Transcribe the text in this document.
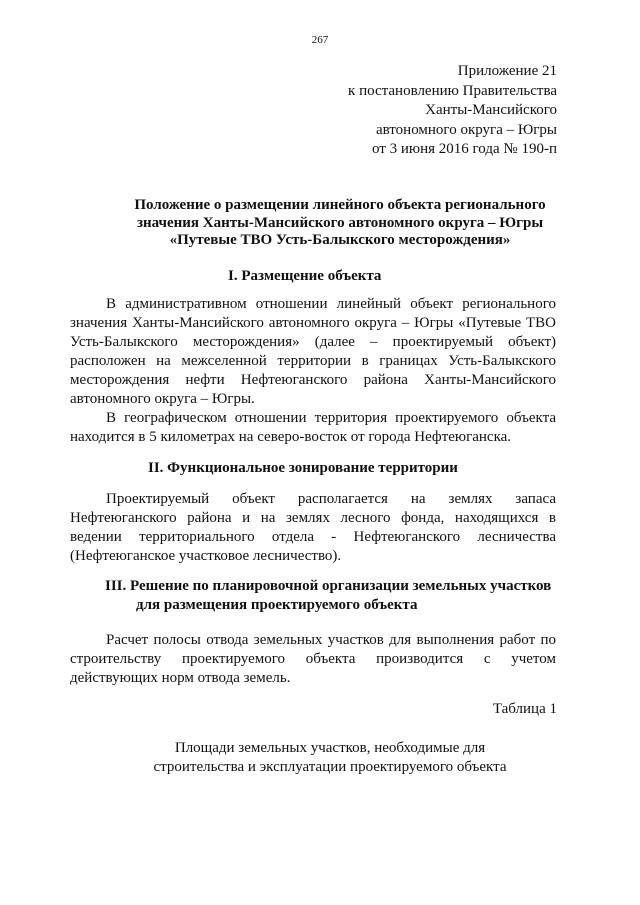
267
Приложение 21
к постановлению Правительства
Ханты-Мансийского
автономного округа – Югры
от 3 июня 2016 года № 190-п
Положение о размещении линейного объекта регионального
значения Ханты-Мансийского автономного округа – Югры
«Путевые ТВО Усть-Балыкского месторождения»
I. Размещение объекта
В административном отношении линейный объект регионального
значения Ханты-Мансийского автономного округа – Югры «Путевые ТВО
Усть-Балыкского месторождения» (далее – проектируемый объект)
расположен на межселенной территории в границах Усть-Балыкского
месторождения нефти Нефтеюганского района Ханты-Мансийского
автономного округа – Югры.
В географическом отношении территория проектируемого объекта
находится в 5 километрах на северо-восток от города Нефтеюганска.
II. Функциональное зонирование территории
Проектируемый объект располагается на землях запаса
Нефтеюганского района и на землях лесного фонда, находящихся в
ведении территориального отдела - Нефтеюганского лесничества
(Нефтеюганское участковое лесничество).
III. Решение по планировочной организации земельных участков
для размещения проектируемого объекта
Расчет полосы отвода земельных участков для выполнения работ по
строительству проектируемого объекта производится с учетом
действующих норм отвода земель.
Таблица 1
Площади земельных участков, необходимые для
строительства и эксплуатации проектируемого объекта
